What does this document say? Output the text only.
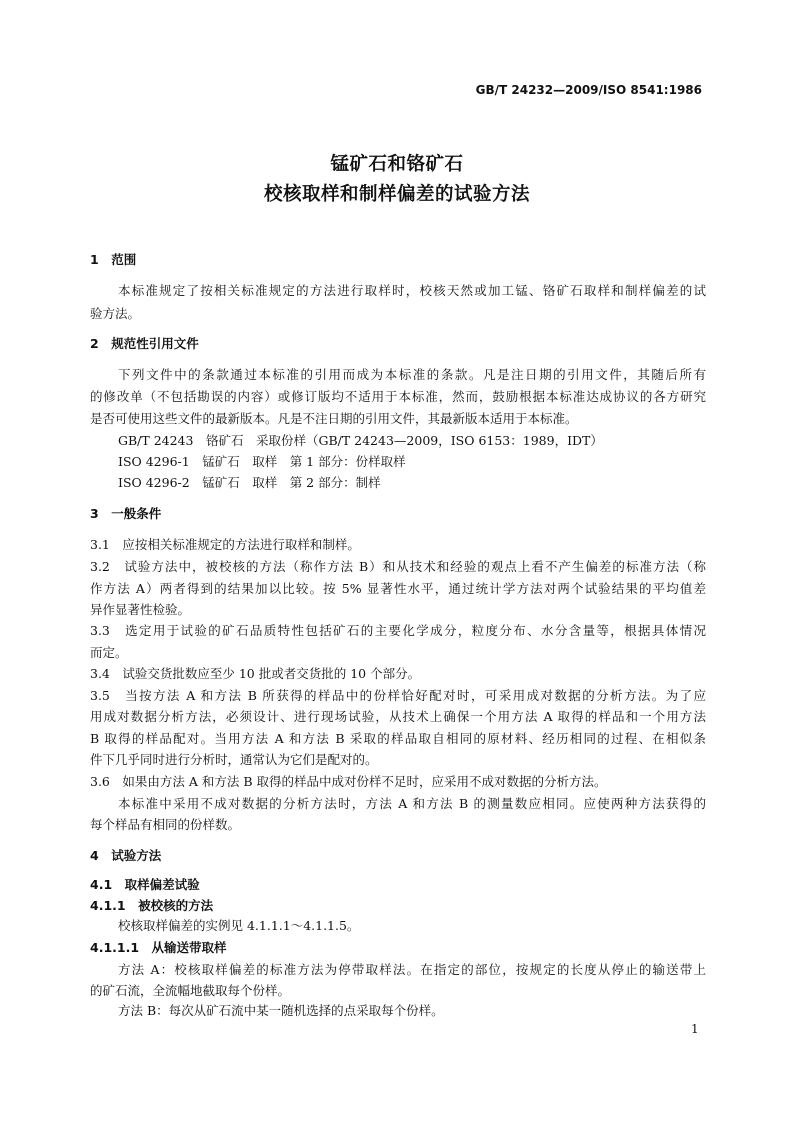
GB/T 24232—2009/ISO 8541:1986
锰矿石和铬矿石
校核取样和制样偏差的试验方法
1　范围
本标准规定了按相关标准规定的方法进行取样时，校核天然或加工锰、铬矿石取样和制样偏差的试
验方法。
2　规范性引用文件
下列文件中的条款通过本标准的引用而成为本标准的条款。凡是注日期的引用文件，其随后所有
的修改单（不包括勘误的内容）或修订版均不适用于本标准，然而，鼓励根据本标准达成协议的各方研究
是否可使用这些文件的最新版本。凡是不注日期的引用文件，其最新版本适用于本标准。
GB/T 24243　铬矿石　采取份样（GB/T 24243—2009，ISO 6153：1989，IDT）
ISO 4296-1　锰矿石　取样　第 1 部分：份样取样
ISO 4296-2　锰矿石　取样　第 2 部分：制样
3　一般条件
3.1　应按相关标准规定的方法进行取样和制样。
3.2　试验方法中，被校核的方法（称作方法 B）和从技术和经验的观点上看不产生偏差的标准方法（称
作方法 A）两者得到的结果加以比较。按 5% 显著性水平，通过统计学方法对两个试验结果的平均值差
异作显著性检验。
3.3　选定用于试验的矿石品质特性包括矿石的主要化学成分，粒度分布、水分含量等，根据具体情况
而定。
3.4　试验交货批数应至少 10 批或者交货批的 10 个部分。
3.5　当按方法 A 和方法 B 所获得的样品中的份样恰好配对时，可采用成对数据的分析方法。为了应
用成对数据分析方法，必须设计、进行现场试验，从技术上确保一个用方法 A 取得的样品和一个用方法
B 取得的样品配对。当用方法 A 和方法 B 采取的样品取自相同的原材料、经历相同的过程、在相似条
件下几乎同时进行分析时，通常认为它们是配对的。
3.6　如果由方法 A 和方法 B 取得的样品中成对份样不足时，应采用不成对数据的分析方法。
本标准中采用不成对数据的分析方法时，方法 A 和方法 B 的测量数应相同。应使两种方法获得的
每个样品有相同的份样数。
4　试验方法
4.1　取样偏差试验
4.1.1　被校核的方法
校核取样偏差的实例见 4.1.1.1～4.1.1.5。
4.1.1.1　从输送带取样
方法 A：校核取样偏差的标准方法为停带取样法。在指定的部位，按规定的长度从停止的输送带上
的矿石流，全流幅地截取每个份样。
方法 B：每次从矿石流中某一随机选择的点采取每个份样。
1
